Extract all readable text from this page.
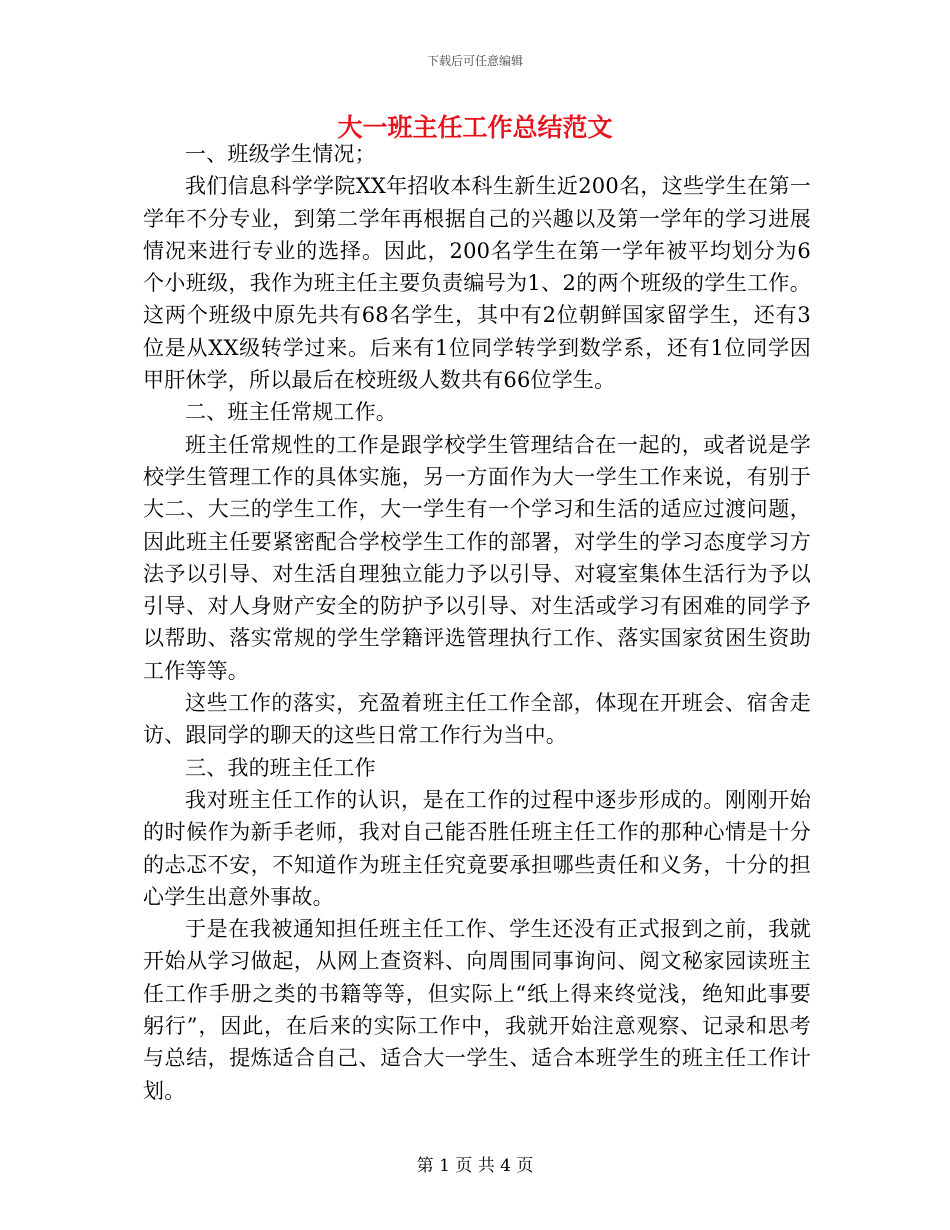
下载后可任意编辑
大一班主任工作总结范文

一、班级学生情况；

我们信息科学学院XX年招收本科生新生近200名，这些学生在第一学年不分专业，到第二学年再根据自己的兴趣以及第一学年的学习进展情况来进行专业的选择。因此，200名学生在第一学年被平均划分为6个小班级，我作为班主任主要负责编号为1、2的两个班级的学生工作。这两个班级中原先共有68名学生，其中有2位朝鲜国家留学生，还有3位是从XX级转学过来。后来有1位同学转学到数学系，还有1位同学因甲肝休学，所以最后在校班级人数共有66位学生。

二、班主任常规工作。

班主任常规性的工作是跟学校学生管理结合在一起的，或者说是学校学生管理工作的具体实施，另一方面作为大一学生工作来说，有别于大二、大三的学生工作，大一学生有一个学习和生活的适应过渡问题，因此班主任要紧密配合学校学生工作的部署，对学生的学习态度学习方法予以引导、对生活自理独立能力予以引导、对寝室集体生活行为予以引导、对人身财产安全的防护予以引导、对生活或学习有困难的同学予以帮助、落实常规的学生学籍评选管理执行工作、落实国家贫困生资助工作等等。

这些工作的落实，充盈着班主任工作全部，体现在开班会、宿舍走访、跟同学的聊天的这些日常工作行为当中。

三、我的班主任工作

我对班主任工作的认识，是在工作的过程中逐步形成的。刚刚开始的时候作为新手老师，我对自己能否胜任班主任工作的那种心情是十分的忐忑不安，不知道作为班主任究竟要承担哪些责任和义务，十分的担心学生出意外事故。

于是在我被通知担任班主任工作、学生还没有正式报到之前，我就开始从学习做起，从网上查资料、向周围同事询问、阅文秘家园读班主任工作手册之类的书籍等等，但实际上“纸上得来终觉浅，绝知此事要躬行”，因此，在后来的实际工作中，我就开始注意观察、记录和思考与总结，提炼适合自己、适合大一学生、适合本班学生的班主任工作计划。

第 1 页 共 4 页
